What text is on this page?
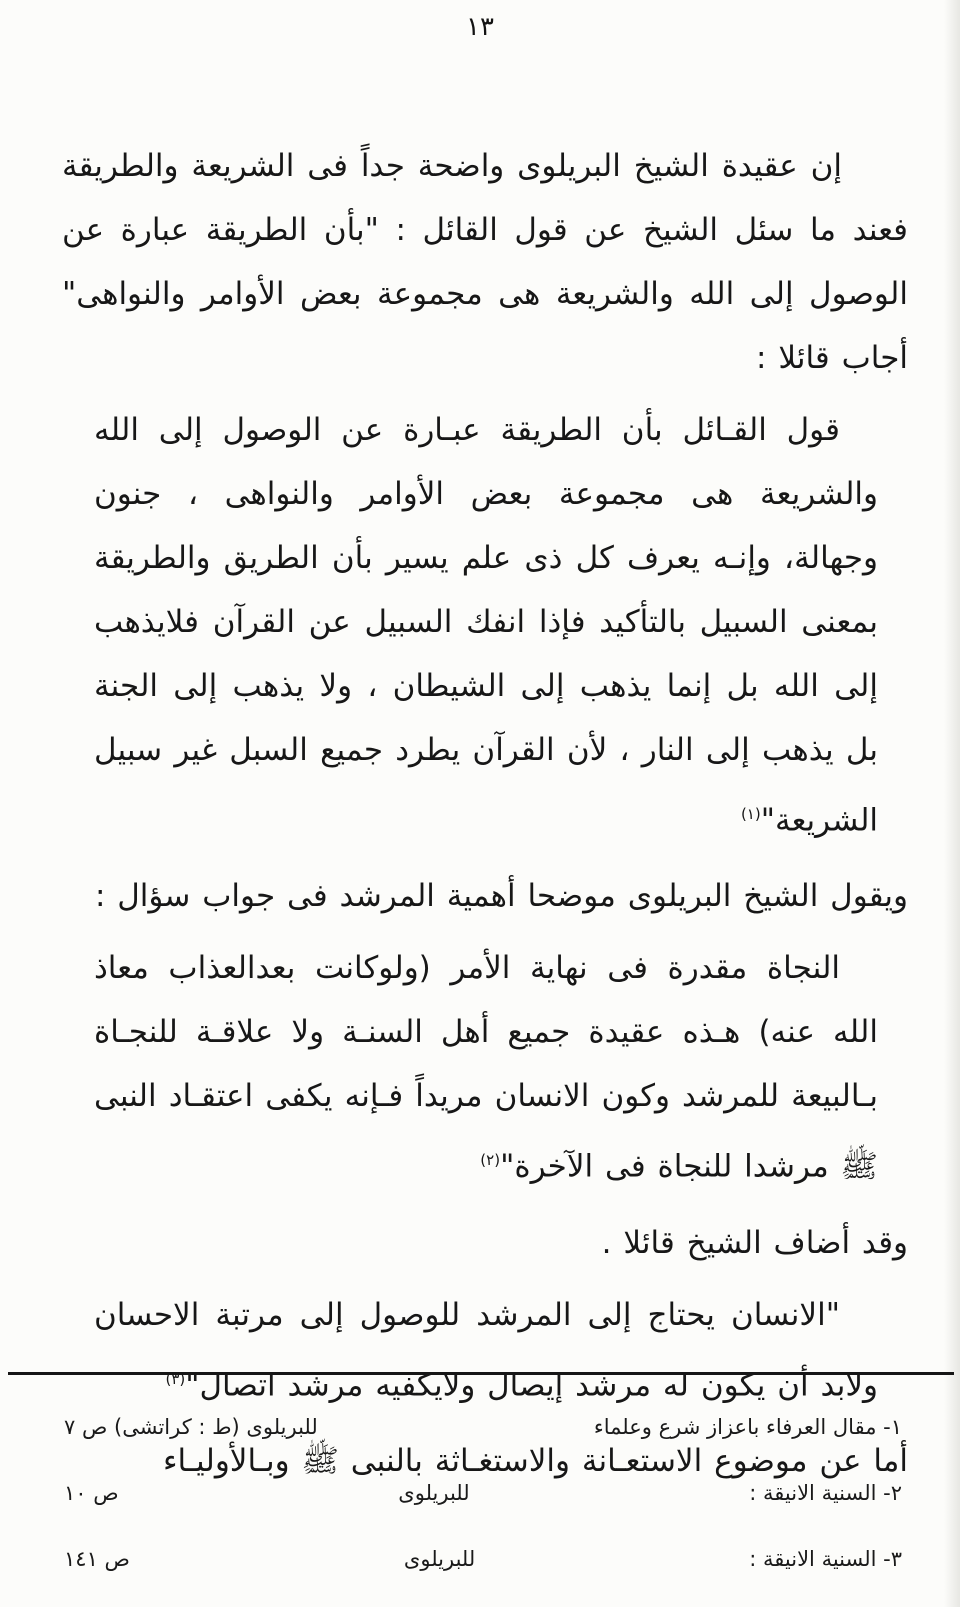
١٣

إن عقيدة الشيخ البريلوى واضحة جداً فى الشريعة والطريقة فعند ما سئل الشيخ عن قول القائل : "بأن الطريقة عبارة عن الوصول إلى الله والشريعة هى مجموعة بعض الأوامر والنواهى" أجاب قائلا :

قول القـائل بأن الطريقة عبـارة عن الوصول إلى الله والشريعة هى مجموعة بعض الأوامر والنواهى ، جنون وجهالة، وإنـه يعرف كل ذى علم يسير بأن الطريق والطريقة بمعنى السبيل بالتأكيد فإذا انفك السبيل عن القرآن فلايذهب إلى الله بل إنما يذهب إلى الشيطان ، ولا يذهب إلى الجنة بل يذهب إلى النار ، لأن القرآن يطرد جميع السبل غير سبيل الشريعة"$^{(١)}$

ويقول الشيخ البريلوى موضحا أهمية المرشد فى جواب سؤال :

النجاة مقدرة فى نهاية الأمر (ولوكانت بعدالعذاب معاذ الله عنه) هـذه عقيدة جميع أهل السنـة ولا علاقـة للنجـاة بـالبيعة للمرشد وكون الانسان مريداً فـإنه يكفى اعتقـاد النبى ﷺ مرشدا للنجاة فى الآخرة"$^{(٢)}$

وقد أضاف الشيخ قائلا .

"الانسان يحتاج إلى المرشد للوصول إلى مرتبة الاحسان ولابد أن يكون له مرشد إيصال ولايكفيه مرشد اتصال"$^{(٣)}$

أما عن موضوع الاستعـانة والاستغـاثة بالنبى ﷺ وبـالأوليـاء

١- مقال العرفاء باعزاز شرع وعلماء
للبريلوى (ط : كراتشى) ص ٧
٢- السنية الانيقة :
للبريلوى
ص ١٠
٣- السنية الانيقة :
للبريلوى
ص ١٤١
